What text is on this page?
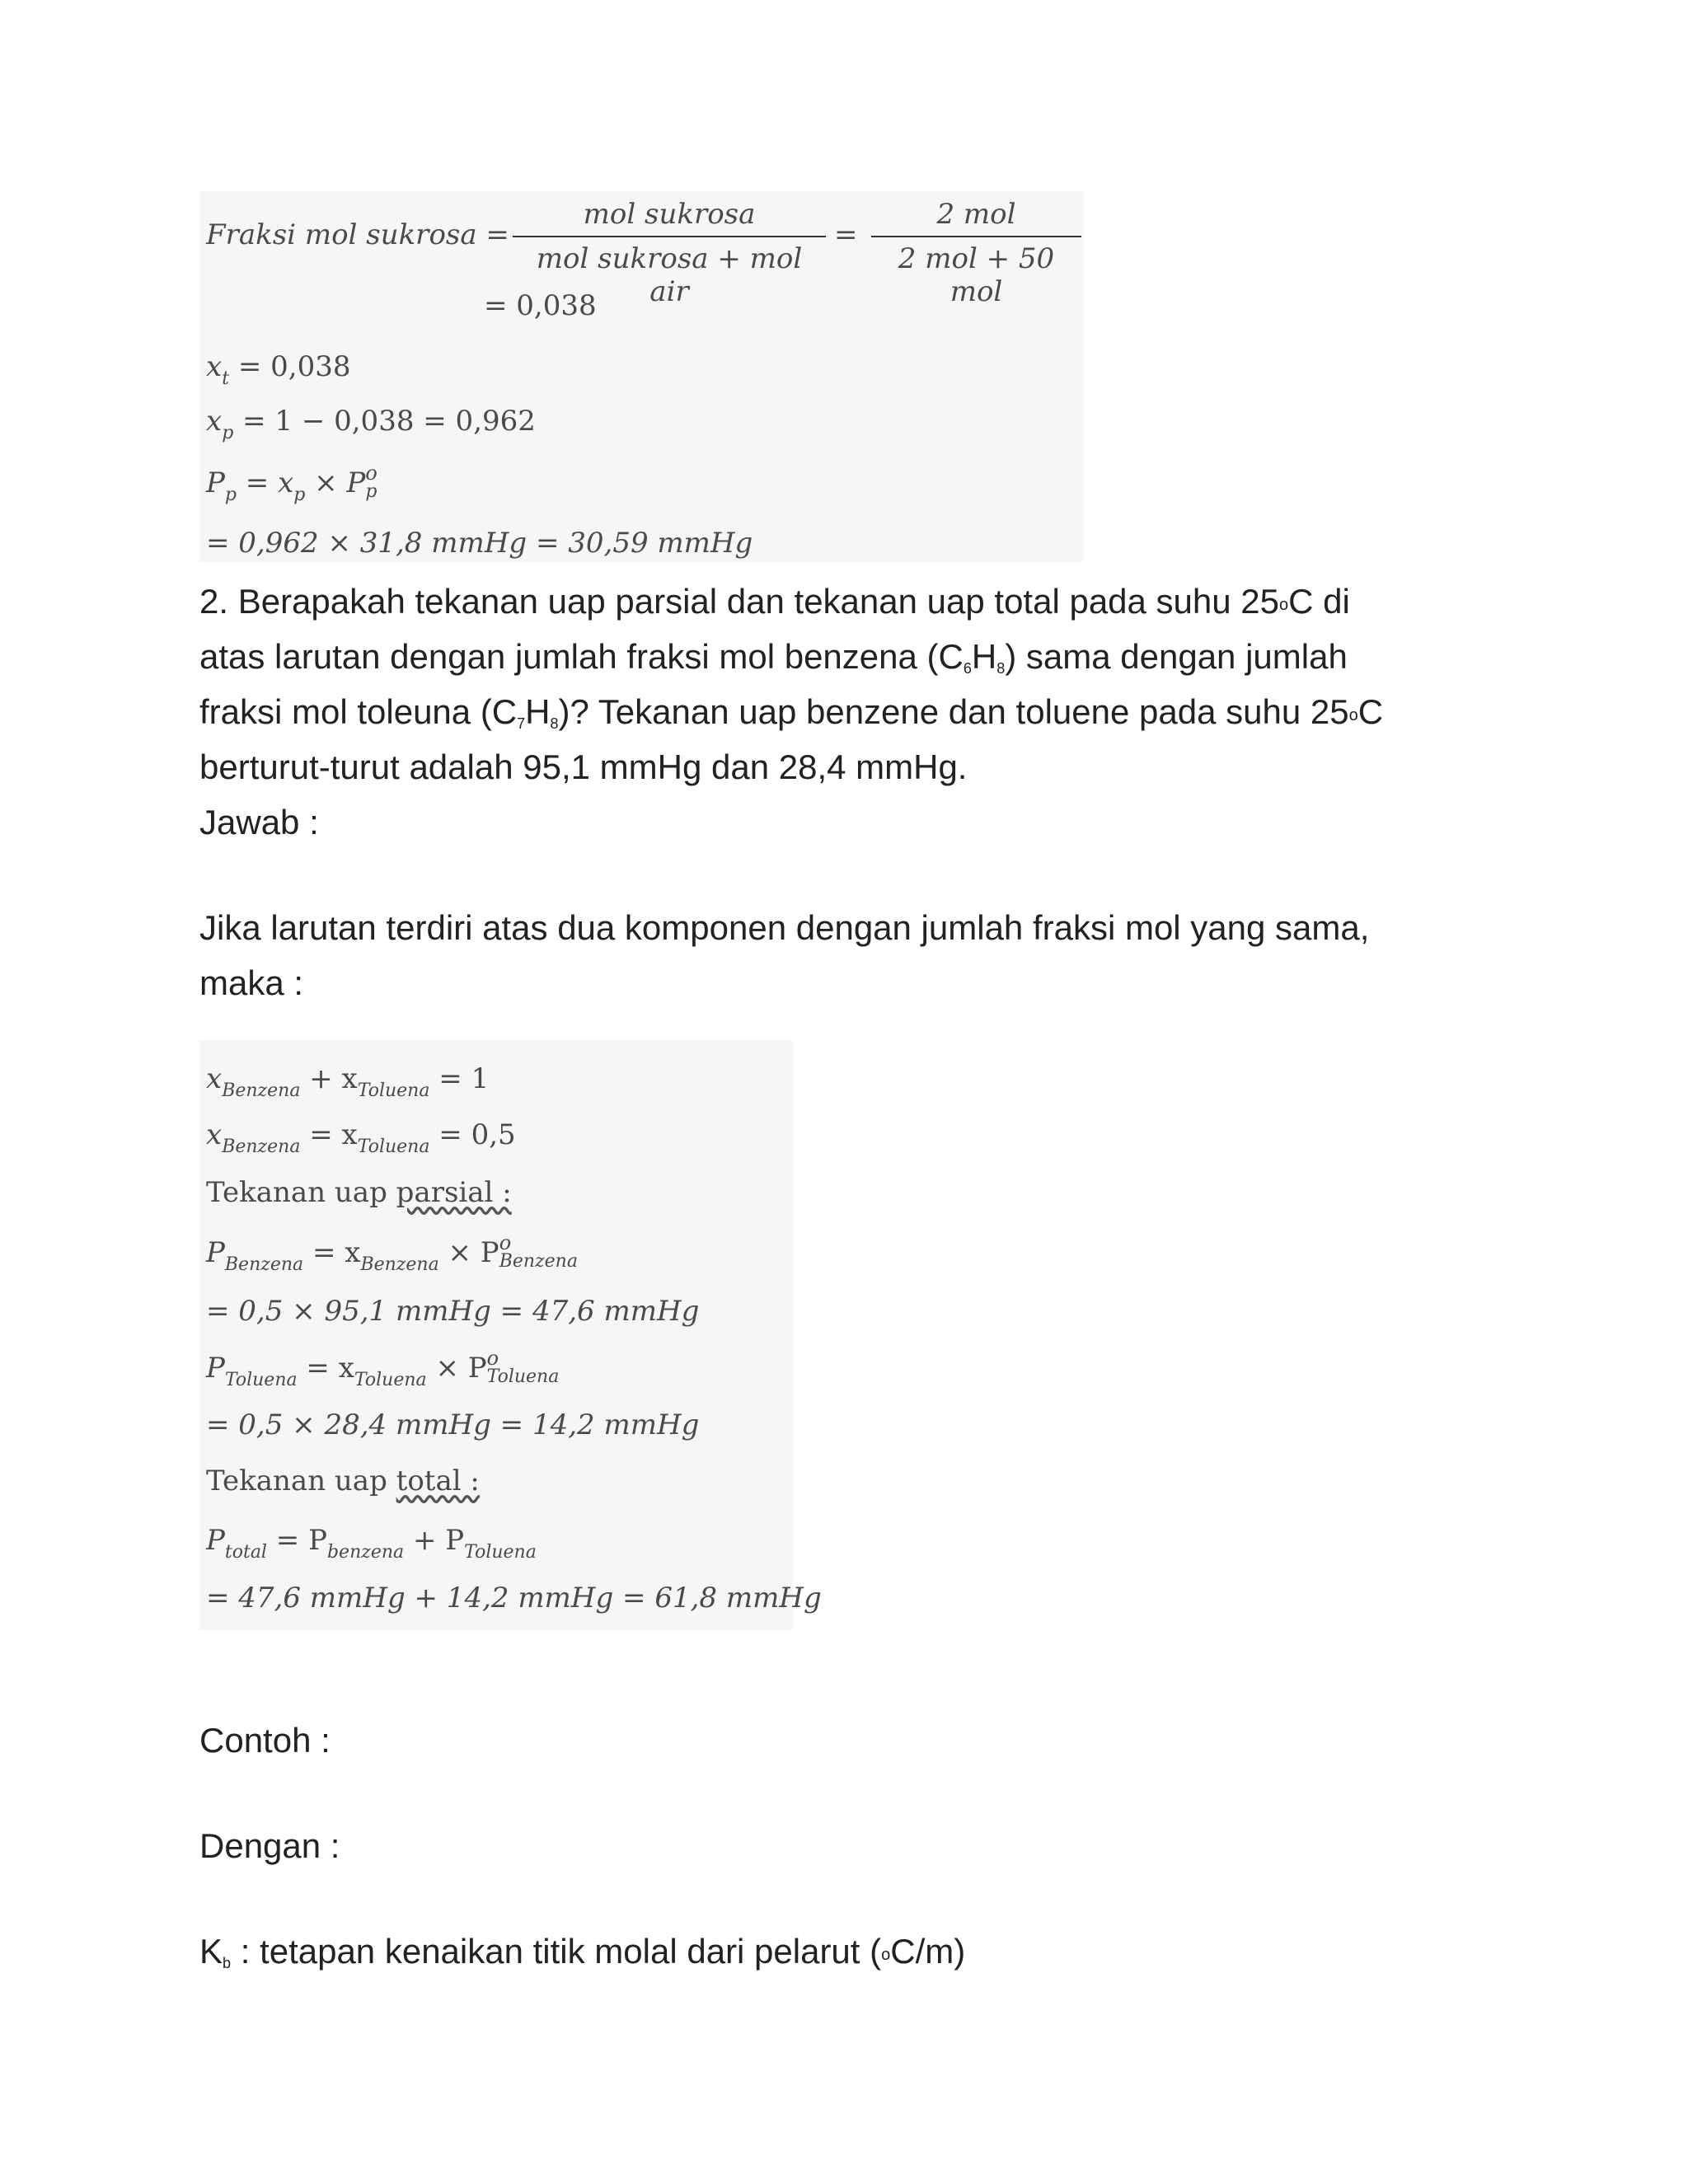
Fraksi mol sukrosa =
mol sukrosa
mol sukrosa + mol air
=
2 mol
2 mol + 50 mol
= 0,038
$x_t = 0,038$
$x_p = 1 - 0,038 = 0,962$
$P_p = x_p \times P$ o
p
= 0,962 × 31,8 mmHg = 30,59 mmHg
2. Berapakah tekanan uap parsial dan tekanan uap total pada suhu 25oC di
atas larutan dengan jumlah fraksi mol benzena (C6H8) sama dengan jumlah
fraksi mol toleuna (C7H8)? Tekanan uap benzene dan toluene pada suhu 25oC
berturut-turut adalah 95,1 mmHg dan 28,4 mmHg.
Jawab :
Jika larutan terdiri atas dua komponen dengan jumlah fraksi mol yang sama,
maka :
$x_{Benzena} + x_{Toluena} = 1$
$x_{Benzena} = x_{Toluena} = 0,5$
Tekanan uap parsial :
$P_{Benzena} = x_{Benzena} \times P$ o
Benzena
= 0,5 × 95,1 mmHg = 47,6 mmHg
$P_{Toluena} = x_{Toluena} \times P$ o
Toluena
= 0,5 × 28,4 mmHg = 14,2 mmHg
Tekanan uap total :
$P_{total} = P_{benzena} + P_{Toluena}$
= 47,6 mmHg + 14,2 mmHg = 61,8 mmHg
Contoh :
Dengan :
Kb : tetapan kenaikan titik molal dari pelarut (oC/m)
